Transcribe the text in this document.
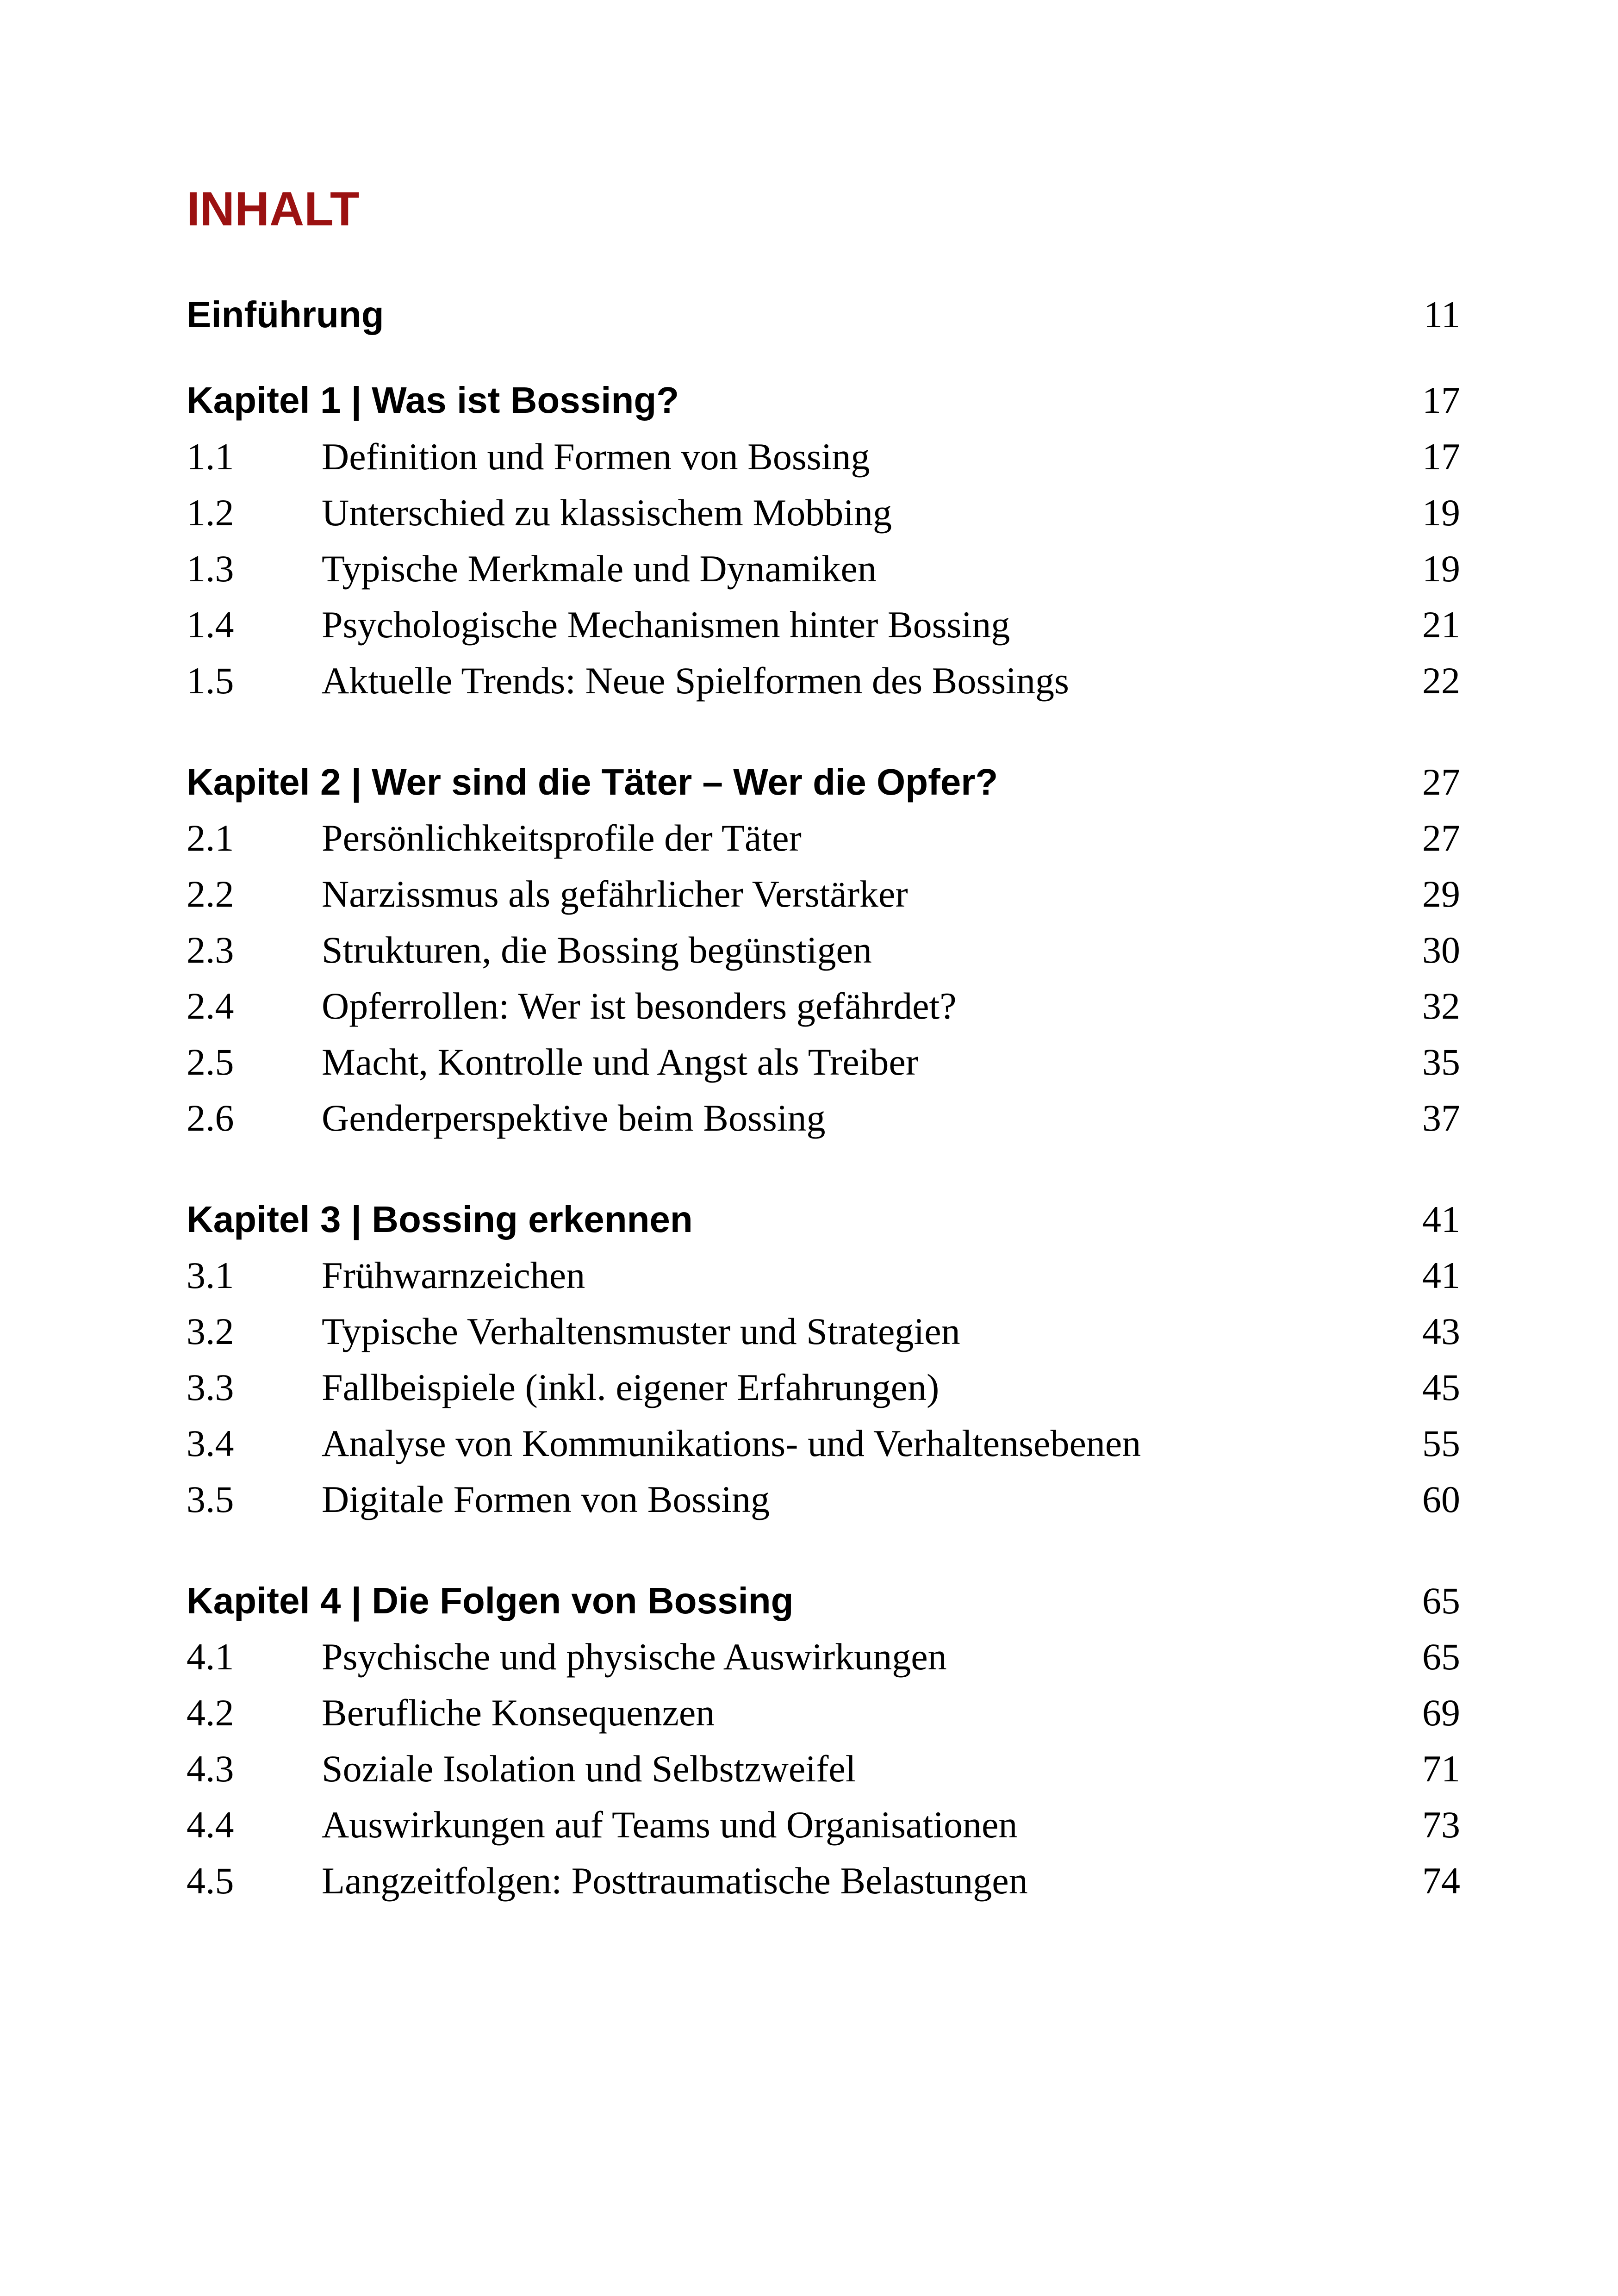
INHALT
Einführung	11
Kapitel 1 | Was ist Bossing?	17
1.1	Definition und Formen von Bossing	17
1.2	Unterschied zu klassischem Mobbing	19
1.3	Typische Merkmale und Dynamiken	19
1.4	Psychologische Mechanismen hinter Bossing	21
1.5	Aktuelle Trends: Neue Spielformen des Bossings	22
Kapitel 2 | Wer sind die Täter – Wer die Opfer?	27
2.1	Persönlichkeitsprofile der Täter	27
2.2	Narzissmus als gefährlicher Verstärker	29
2.3	Strukturen, die Bossing begünstigen	30
2.4	Opferrollen: Wer ist besonders gefährdet?	32
2.5	Macht, Kontrolle und Angst als Treiber	35
2.6	Genderperspektive beim Bossing	37
Kapitel 3 | Bossing erkennen	41
3.1	Frühwarnzeichen	41
3.2	Typische Verhaltensmuster und Strategien	43
3.3	Fallbeispiele (inkl. eigener Erfahrungen)	45
3.4	Analyse von Kommunikations- und Verhaltensebenen	55
3.5	Digitale Formen von Bossing	60
Kapitel 4 | Die Folgen von Bossing	65
4.1	Psychische und physische Auswirkungen	65
4.2	Berufliche Konsequenzen	69
4.3	Soziale Isolation und Selbstzweifel	71
4.4	Auswirkungen auf Teams und Organisationen	73
4.5	Langzeitfolgen: Posttraumatische Belastungen	74
